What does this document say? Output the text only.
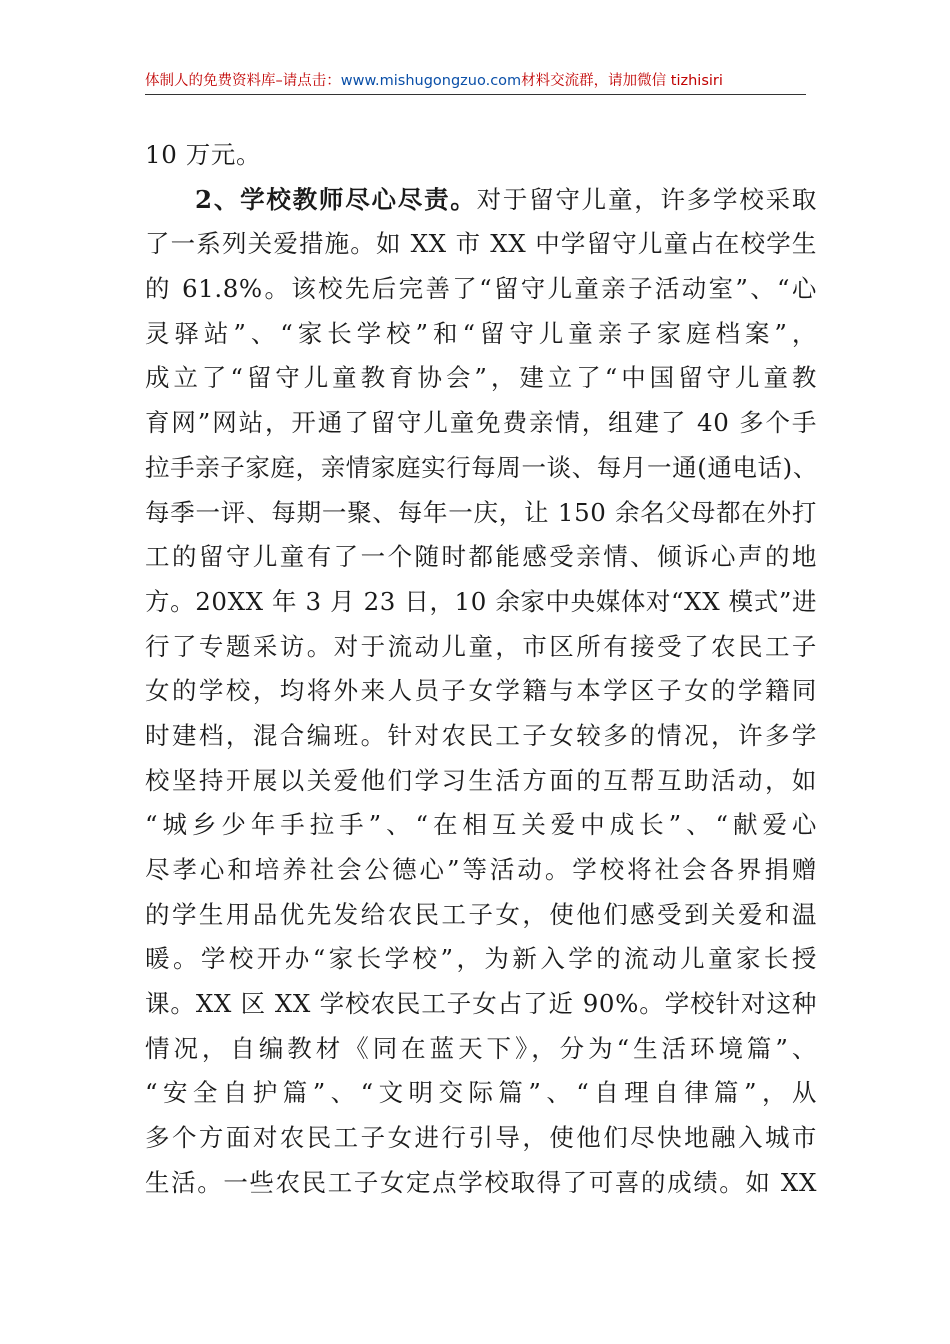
体制人的免费资料库–请点击：www.mishugongzuo.com材料交流群，请加微信 tizhisiri
10 万元。
2、学校教师尽心尽责。对于留守儿童，许多学校采取
了一系列关爱措施。如 XX 市 XX 中学留守儿童占在校学生
的 61.8%。该校先后完善了“留守儿童亲子活动室”、“心
灵驿站”、“家长学校”和“留守儿童亲子家庭档案”，
成立了“留守儿童教育协会”，建立了“中国留守儿童教
育网”网站，开通了留守儿童免费亲情，组建了 40 多个手
拉手亲子家庭，亲情家庭实行每周一谈、每月一通(通电话)、
每季一评、每期一聚、每年一庆，让 150 余名父母都在外打
工的留守儿童有了一个随时都能感受亲情、倾诉心声的地
方。20XX 年 3 月 23 日，10 余家中央媒体对“XX 模式”进
行了专题采访。对于流动儿童，市区所有接受了农民工子
女的学校，均将外来人员子女学籍与本学区子女的学籍同
时建档，混合编班。针对农民工子女较多的情况，许多学
校坚持开展以关爱他们学习生活方面的互帮互助活动，如
“城乡少年手拉手”、“在相互关爱中成长”、“献爱心
尽孝心和培养社会公德心”等活动。学校将社会各界捐赠
的学生用品优先发给农民工子女，使他们感受到关爱和温
暖。学校开办“家长学校”，为新入学的流动儿童家长授
课。XX 区 XX 学校农民工子女占了近 90%。学校针对这种
情况，自编教材《同在蓝天下》，分为“生活环境篇”、
“安全自护篇”、“文明交际篇”、“自理自律篇”，从
多个方面对农民工子女进行引导，使他们尽快地融入城市
生活。一些农民工子女定点学校取得了可喜的成绩。如 XX
